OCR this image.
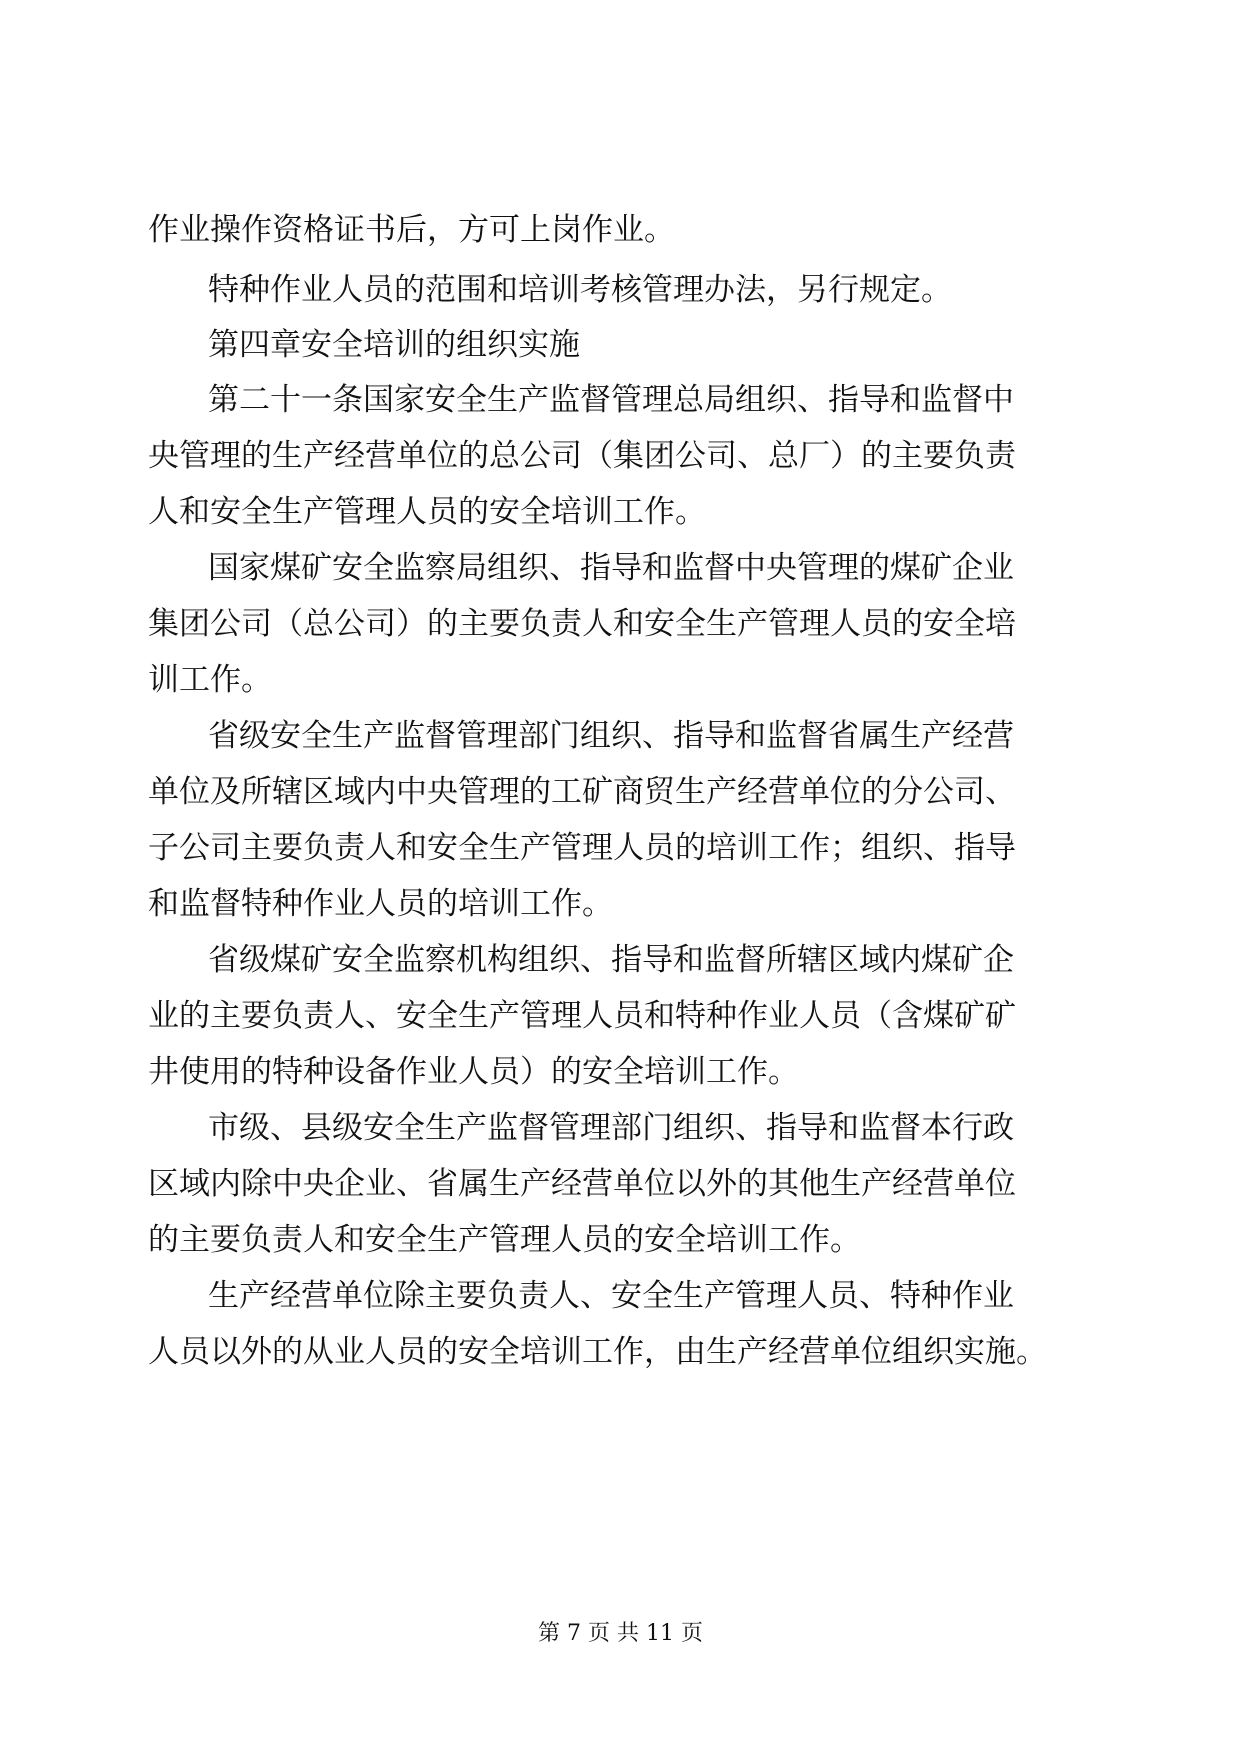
作业操作资格证书后，方可上岗作业。
特种作业人员的范围和培训考核管理办法，另行规定。
第四章安全培训的组织实施
第二十一条国家安全生产监督管理总局组织、指导和监督中
央管理的生产经营单位的总公司（集团公司、总厂）的主要负责
人和安全生产管理人员的安全培训工作。
国家煤矿安全监察局组织、指导和监督中央管理的煤矿企业
集团公司（总公司）的主要负责人和安全生产管理人员的安全培
训工作。
省级安全生产监督管理部门组织、指导和监督省属生产经营
单位及所辖区域内中央管理的工矿商贸生产经营单位的分公司、
子公司主要负责人和安全生产管理人员的培训工作；组织、指导
和监督特种作业人员的培训工作。
省级煤矿安全监察机构组织、指导和监督所辖区域内煤矿企
业的主要负责人、安全生产管理人员和特种作业人员（含煤矿矿
井使用的特种设备作业人员）的安全培训工作。
市级、县级安全生产监督管理部门组织、指导和监督本行政
区域内除中央企业、省属生产经营单位以外的其他生产经营单位
的主要负责人和安全生产管理人员的安全培训工作。
生产经营单位除主要负责人、安全生产管理人员、特种作业
人员以外的从业人员的安全培训工作，由生产经营单位组织实施。
第 7 页 共 11 页
